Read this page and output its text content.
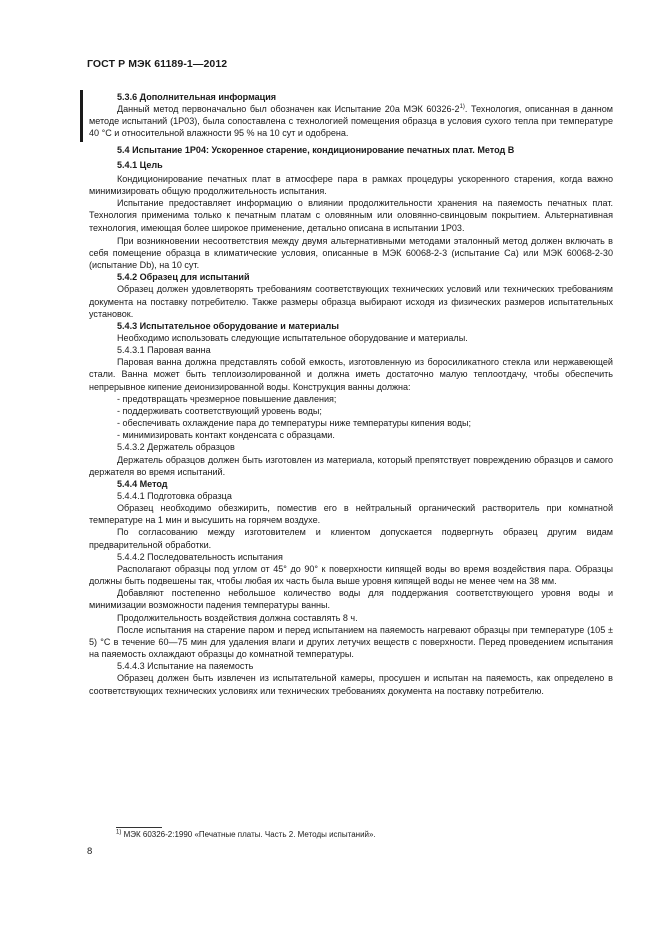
ГОСТ Р МЭК 61189-1—2012

5.3.6 Дополнительная информация

Данный метод первоначально был обозначен как Испытание 20а МЭК 60326-2$^{1)}$. Технология, описанная в данном методе испытаний (1Р03), была сопоставлена с технологией помещения образца в условия сухого тепла при температуре 40 °С и относительной влажности 95 % на 10 сут и одобрена.

5.4 Испытание 1Р04: Ускоренное старение, кондиционирование печатных плат. Метод В

5.4.1 Цель

Кондиционирование печатных плат в атмосфере пара в рамках процедуры ускоренного старения, когда важно минимизировать общую продолжительность испытания.

Испытание предоставляет информацию о влиянии продолжительности хранения на паяемость печатных плат. Технология применима только к печатным платам с оловянным или оловянно-свинцовым покрытием. Альтернативная технология, имеющая более широкое применение, детально описана в испытании 1Р03.

При возникновении несоответствия между двумя альтернативными методами эталонный метод должен включать в себя помещение образца в климатические условия, описанные в МЭК 60068-2-3 (испытание Са) или МЭК 60068-2-30 (испытание Db), на 10 сут.

5.4.2 Образец для испытаний

Образец должен удовлетворять требованиям соответствующих технических условий или технических требованиям документа на поставку потребителю. Также размеры образца выбирают исходя из физических размеров испытательных установок.

5.4.3 Испытательное оборудование и материалы

Необходимо использовать следующие испытательное оборудование и материалы.

5.4.3.1 Паровая ванна

Паровая ванна должна представлять собой емкость, изготовленную из боросиликатного стекла или нержавеющей стали. Ванна может быть теплоизолированной и должна иметь достаточно малую теплоотдачу, чтобы обеспечить непрерывное кипение деионизированной воды. Конструкция ванны должна:

- предотвращать чрезмерное повышение давления;

- поддерживать соответствующий уровень воды;

- обеспечивать охлаждение пара до температуры ниже температуры кипения воды;

- минимизировать контакт конденсата с образцами.

5.4.3.2 Держатель образцов

Держатель образцов должен быть изготовлен из материала, который препятствует повреждению образцов и самого держателя во время испытаний.

5.4.4 Метод

5.4.4.1 Подготовка образца

Образец необходимо обезжирить, поместив его в нейтральный органический растворитель при комнатной температуре на 1 мин и высушить на горячем воздухе.

По согласованию между изготовителем и клиентом допускается подвергнуть образец другим видам предварительной обработки.

5.4.4.2 Последовательность испытания

Располагают образцы под углом от 45° до 90° к поверхности кипящей воды во время воздействия пара. Образцы должны быть подвешены так, чтобы любая их часть была выше уровня кипящей воды не менее чем на 38 мм.

Добавляют постепенно небольшое количество воды для поддержания соответствующего уровня воды и минимизации возможности падения температуры ванны.

Продолжительность воздействия должна составлять 8 ч.

После испытания на старение паром и перед испытанием на паяемость нагревают образцы при температуре (105 ± 5) °С в течение 60—75 мин для удаления влаги и других летучих веществ с поверхности. Перед проведением испытания на паяемость охлаждают образцы до комнатной температуры.

5.4.4.3 Испытание на паяемость

Образец должен быть извлечен из испытательной камеры, просушен и испытан на паяемость, как определено в соответствующих технических условиях или технических требованиях документа на поставку потребителю.

$^{1)}$ МЭК 60326-2:1990 «Печатные платы. Часть 2. Методы испытаний».
8
